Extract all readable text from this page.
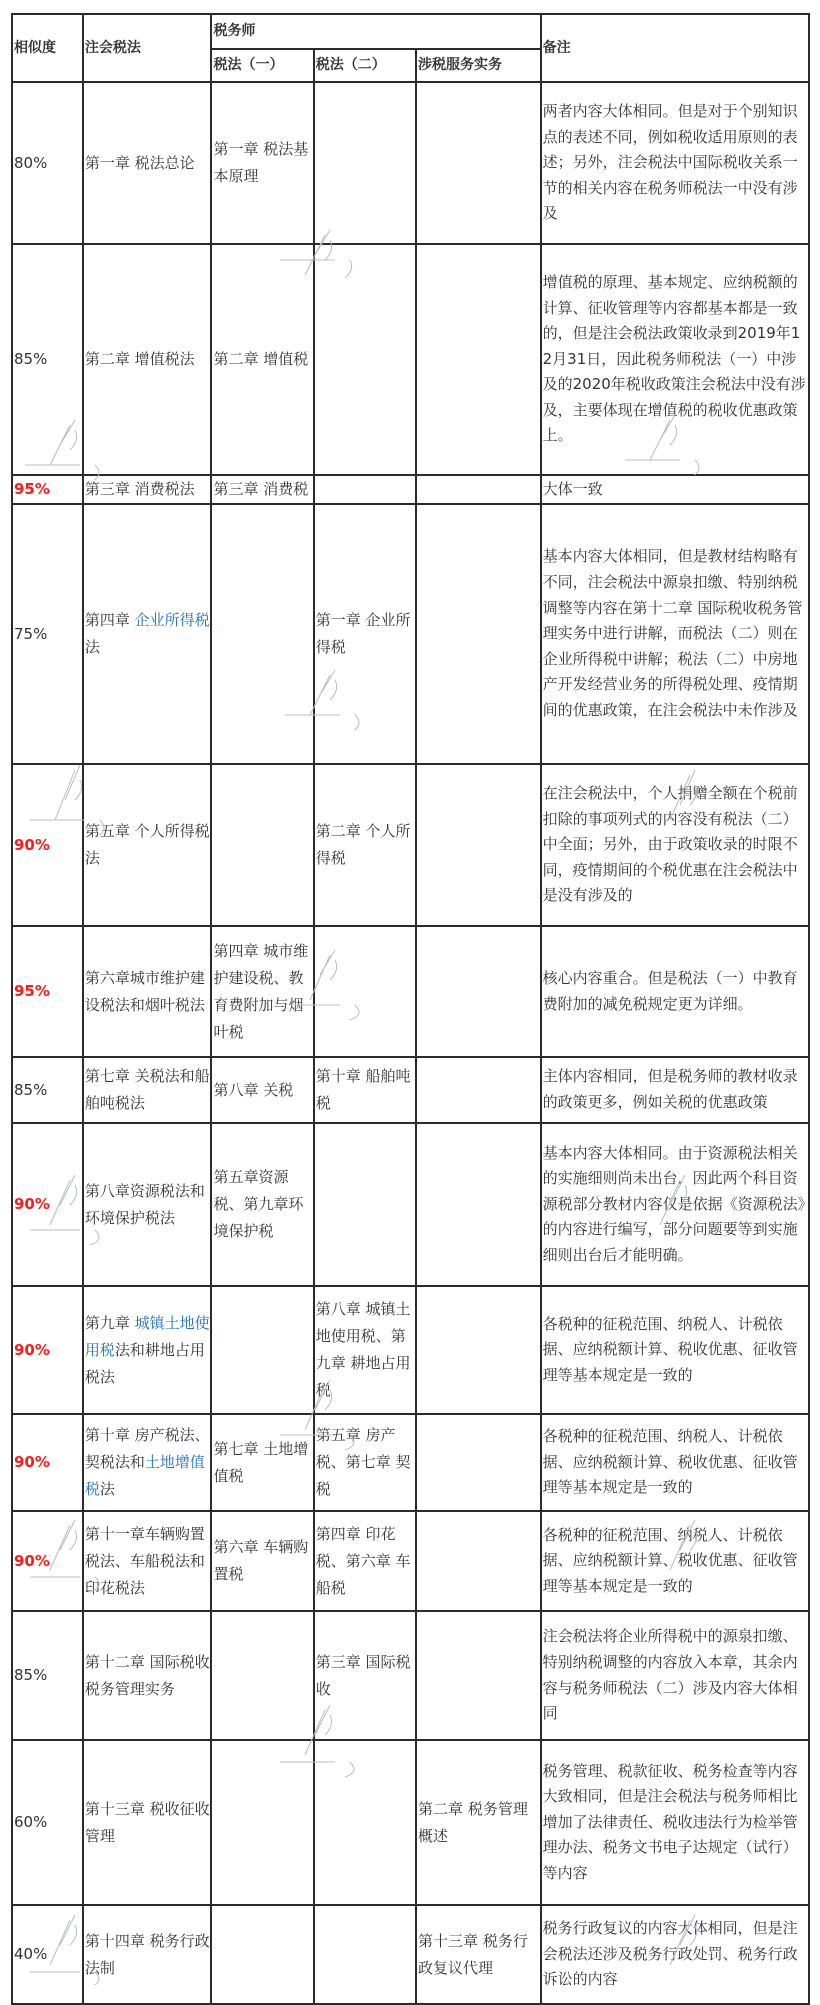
相似度	注会税法	税务师			备注
		税法（一）	税法（二）	涉税服务实务	
80%	第一章 税法总论	第一章 税法基本原理			两者内容大体相同。但是对于个别知识点的表述不同，例如税收适用原则的表述；另外，注会税法中国际税收关系一节的相关内容在税务师税法一中没有涉及
85%	第二章 增值税法	第二章 增值税			增值税的原理、基本规定、应纳税额的计算、征收管理等内容都基本都是一致的，但是注会税法政策收录到2019年12月31日，因此税务师税法（一）中涉及的2020年税收政策注会税法中没有涉及，主要体现在增值税的税收优惠政策上。
95%	第三章 消费税法	第三章 消费税			大体一致
75%	第四章 企业所得税法		第一章 企业所得税		基本内容大体相同，但是教材结构略有不同，注会税法中源泉扣缴、特别纳税调整等内容在第十二章 国际税收税务管理实务中进行讲解，而税法（二）则在企业所得税中讲解；税法（二）中房地产开发经营业务的所得税处理、疫情期间的优惠政策，在注会税法中未作涉及
90%	第五章 个人所得税法		第二章 个人所得税		在注会税法中，个人捐赠全额在个税前扣除的事项列式的内容没有税法（二）中全面；另外，由于政策收录的时限不同，疫情期间的个税优惠在注会税法中是没有涉及的
95%	第六章城市维护建设税法和烟叶税法	第四章 城市维护建设税、教育费附加与烟叶税			核心内容重合。但是税法（一）中教育费附加的减免税规定更为详细。
85%	第七章 关税法和船舶吨税法	第八章 关税	第十章 船舶吨税		主体内容相同，但是税务师的教材收录的政策更多，例如关税的优惠政策
90%	第八章资源税法和环境保护税法	第五章资源税、第九章环境保护税			基本内容大体相同。由于资源税法相关的实施细则尚未出台，因此两个科目资源税部分教材内容仅是依据《资源税法》的内容进行编写，部分问题要等到实施细则出台后才能明确。
90%	第九章 城镇土地使用税法和耕地占用税法		第八章 城镇土地使用税、第九章 耕地占用税		各税种的征税范围、纳税人、计税依据、应纳税额计算、税收优惠、征收管理等基本规定是一致的
90%	第十章 房产税法、契税法和土地增值税法	第七章 土地增值税	第五章 房产税、第七章 契税		各税种的征税范围、纳税人、计税依据、应纳税额计算、税收优惠、征收管理等基本规定是一致的
90%	第十一章车辆购置税法、车船税法和印花税法	第六章 车辆购置税	第四章 印花税、第六章 车船税		各税种的征税范围、纳税人、计税依据、应纳税额计算、税收优惠、征收管理等基本规定是一致的
85%	第十二章 国际税收税务管理实务		第三章 国际税收		注会税法将企业所得税中的源泉扣缴、特别纳税调整的内容放入本章，其余内容与税务师税法（二）涉及内容大体相同
60%	第十三章 税收征收管理			第二章 税务管理概述	税务管理、税款征收、税务检查等内容大致相同，但是注会税法与税务师相比增加了法律责任、税收违法行为检举管理办法、税务文书电子达规定（试行）等内容
40%	第十四章 税务行政法制			第十三章 税务行政复议代理	税务行政复议的内容大体相同，但是注会税法还涉及税务行政处罚、税务行政诉讼的内容
